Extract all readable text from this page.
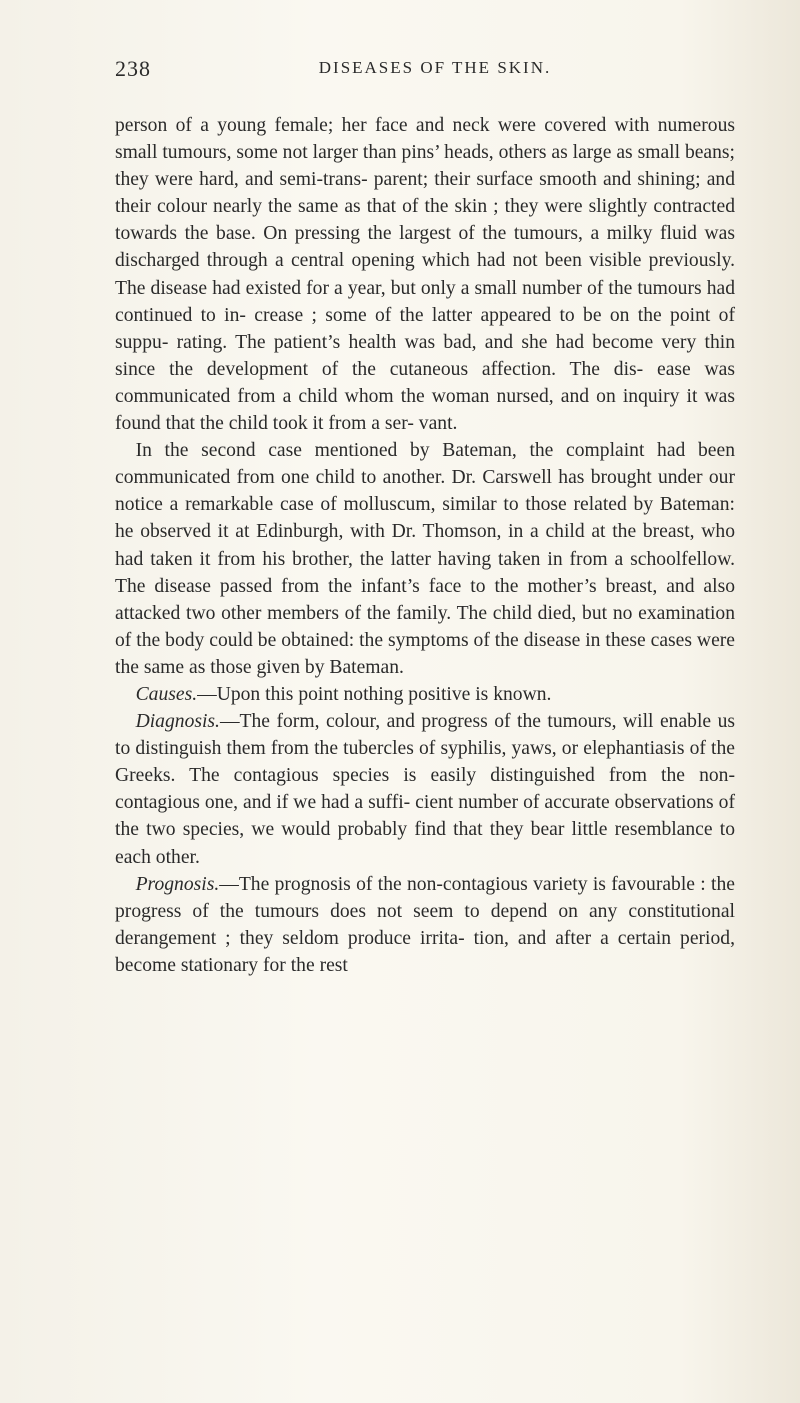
238	DISEASES OF THE SKIN.

person of a young female; her face and neck were covered with numerous small tumours, some not larger than pins’ heads, others as large as small beans; they were hard, and semi-trans- parent; their surface smooth and shining; and their colour nearly the same as that of the skin ; they were slightly contracted towards the base. On pressing the largest of the tumours, a milky fluid was discharged through a central opening which had not been visible previously. The disease had existed for a year, but only a small number of the tumours had continued to in- crease ; some of the latter appeared to be on the point of suppu- rating. The patient’s health was bad, and she had become very thin since the development of the cutaneous affection. The dis- ease was communicated from a child whom the woman nursed, and on inquiry it was found that the child took it from a ser- vant.

In the second case mentioned by Bateman, the complaint had been communicated from one child to another. Dr. Carswell has brought under our notice a remarkable case of molluscum, similar to those related by Bateman: he observed it at Edinburgh, with Dr. Thomson, in a child at the breast, who had taken it from his brother, the latter having taken in from a schoolfellow. The disease passed from the infant’s face to the mother’s breast, and also attacked two other members of the family. The child died, but no examination of the body could be obtained: the symptoms of the disease in these cases were the same as those given by Bateman.

Causes.—Upon this point nothing positive is known.

Diagnosis.—The form, colour, and progress of the tumours, will enable us to distinguish them from the tubercles of syphilis, yaws, or elephantiasis of the Greeks. The contagious species is easily distinguished from the non-contagious one, and if we had a suffi- cient number of accurate observations of the two species, we would probably find that they bear little resemblance to each other.

Prognosis.—The prognosis of the non-contagious variety is favourable : the progress of the tumours does not seem to depend on any constitutional derangement ; they seldom produce irrita- tion, and after a certain period, become stationary for the rest
